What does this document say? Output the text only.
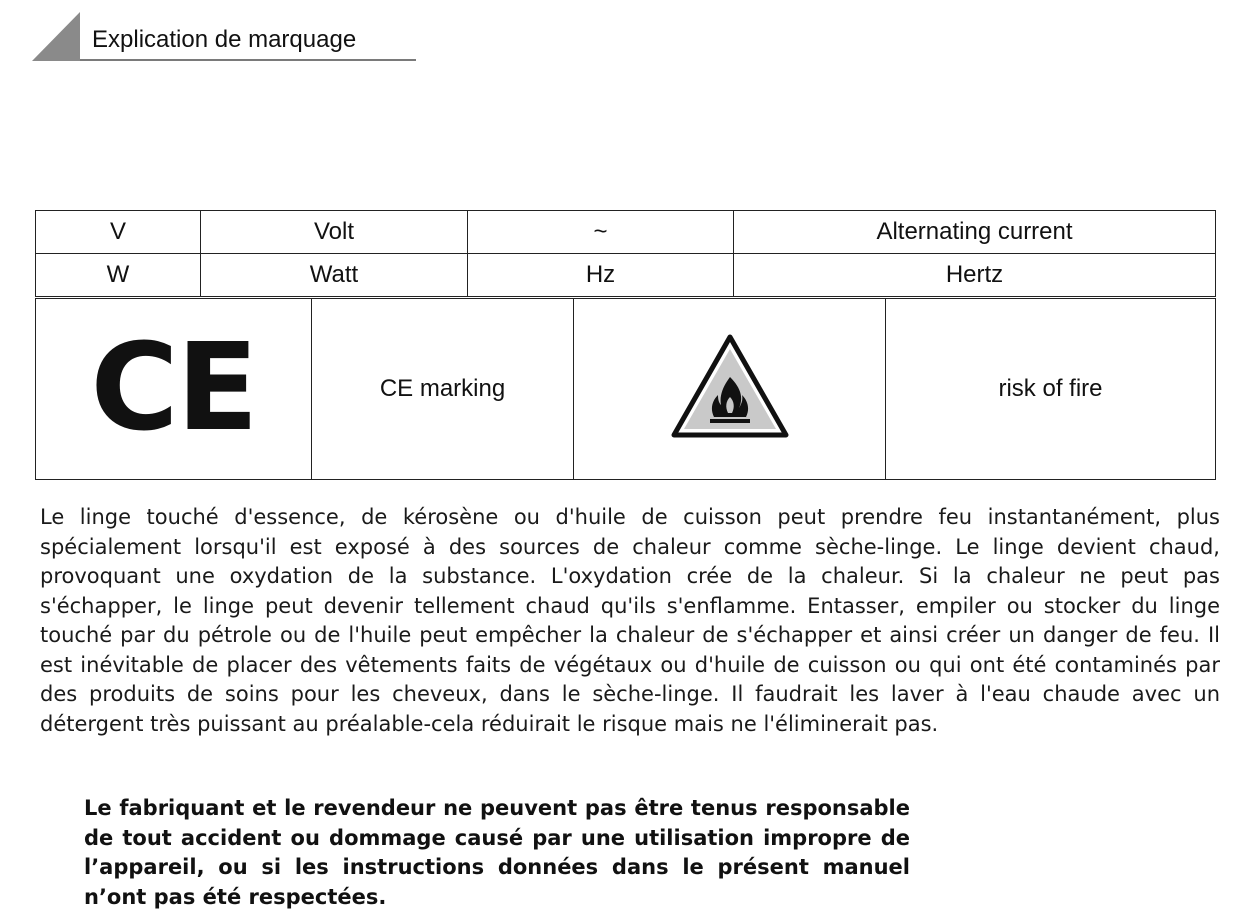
Explication de marquage
V	Volt	~	Alternating current
W	Watt	Hz	Hertz
CE	CE marking		risk of fire

Le linge touché d'essence, de kérosène ou d'huile de cuisson peut prendre feu instantanément, plus spécialement lorsqu'il est exposé à des sources de chaleur comme sèche-linge. Le linge devient chaud, provoquant une oxydation de la substance. L'oxydation crée de la chaleur. Si la chaleur ne peut pas s'échapper, le linge peut devenir tellement chaud qu'ils s'enflamme. Entasser, empiler ou stocker du linge touché par du pétrole ou de l'huile peut empêcher la chaleur de s'échapper et ainsi créer un danger de feu. Il est inévitable de placer des vêtements faits de végétaux ou d'huile de cuisson ou qui ont été contaminés par des produits de soins pour les cheveux, dans le sèche-linge. Il faudrait les laver à l'eau chaude avec un détergent très puissant au préalable-cela réduirait le risque mais ne l'éliminerait pas.

Le fabriquant et le revendeur ne peuvent pas être tenus responsable de tout accident ou dommage causé par une utilisation impropre de l’appareil, ou si les instructions données dans le présent manuel n’ont pas été respectées.
